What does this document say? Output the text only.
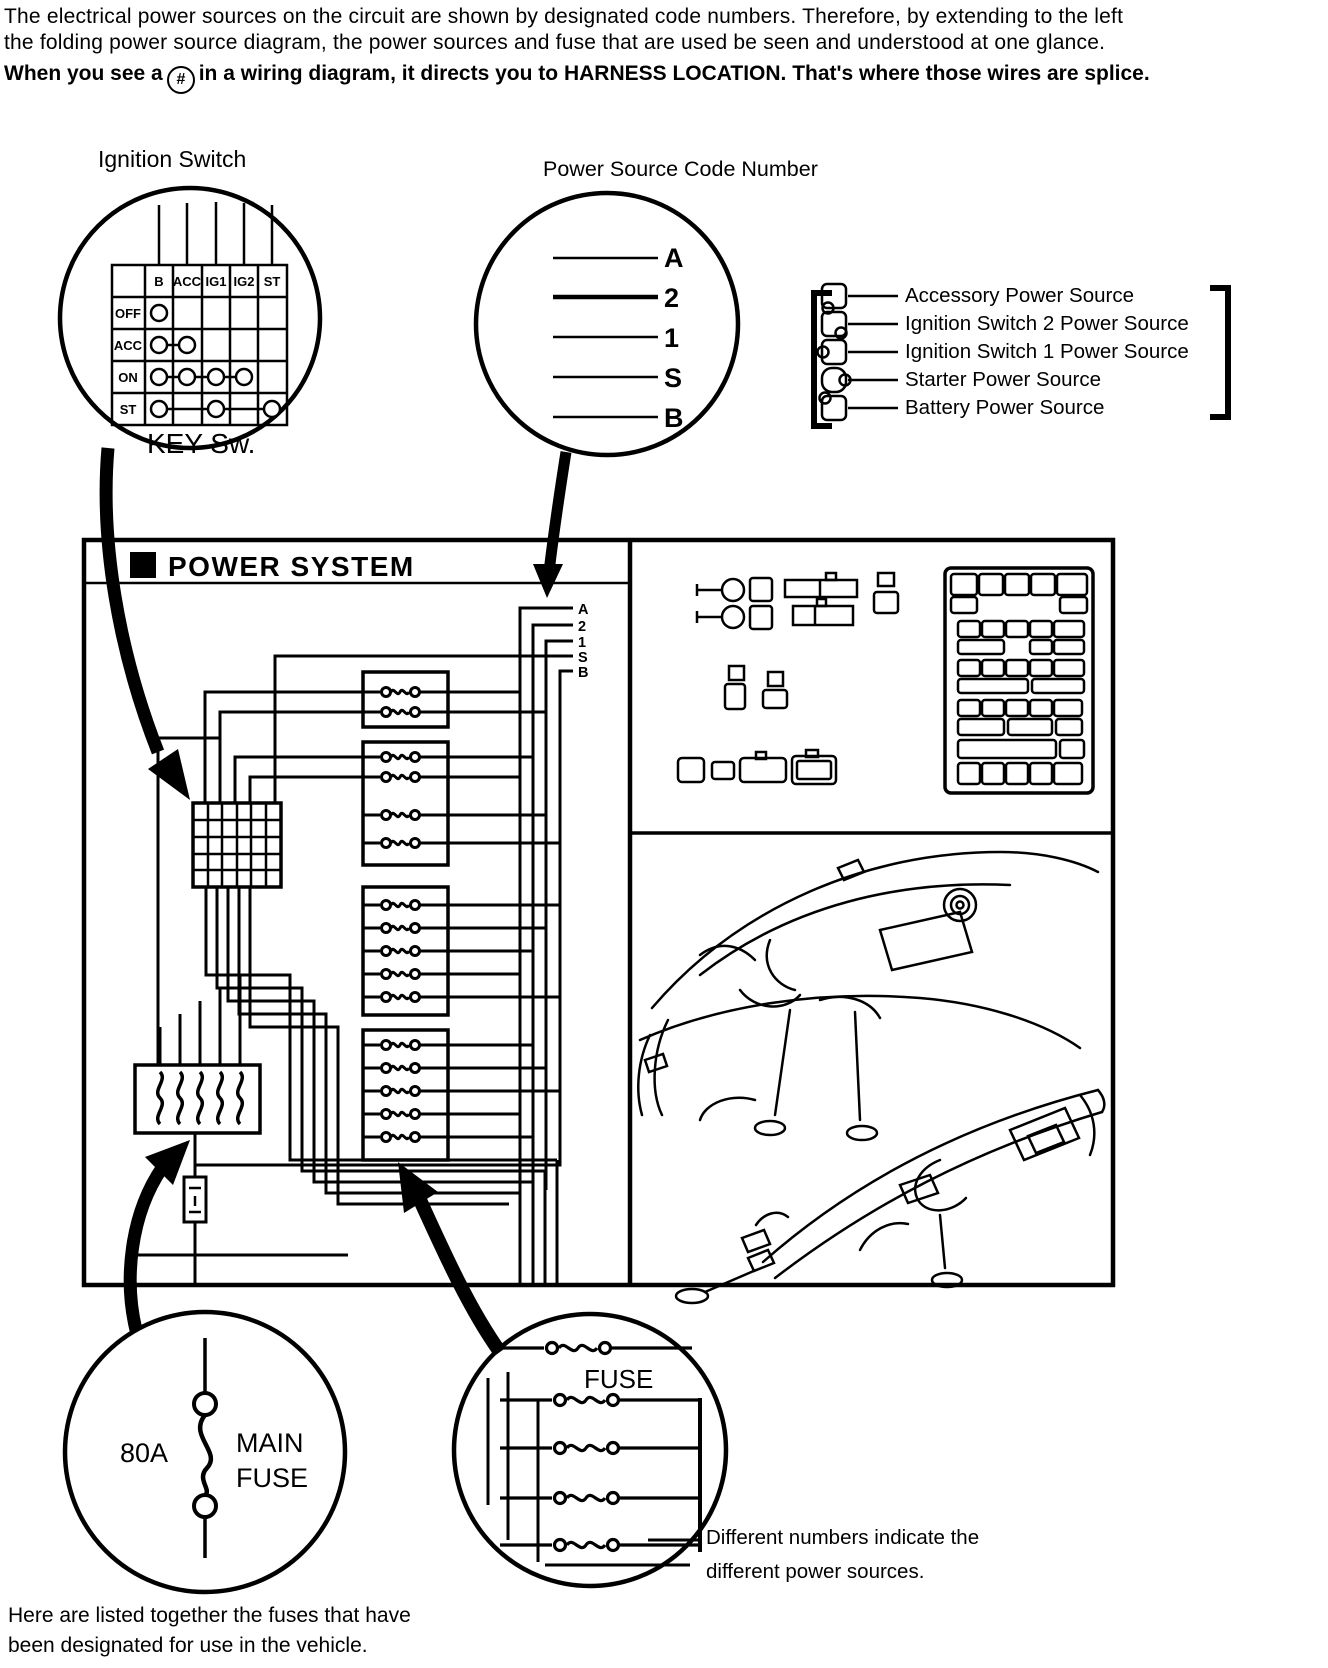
The electrical power sources on the circuit are shown by designated code numbers. Therefore, by extending to the left
the folding power source diagram, the power sources and fuse that are used be seen and understood at one glance.
When you see a # in a wiring diagram, it directs you to HARNESS LOCATION. That's where those wires are splice.
Ignition Switch	Power Source Code Number
Accessory Power Source
Ignition Switch 2 Power Source
Ignition Switch 1 Power Source
Starter Power Source
Battery Power Source
Different numbers indicate the
different power sources.
Here are listed together the fuses that have
been designated for use in the vehicle.
B ACC IG1 IG2 ST
OFF
ACC
ON
ST
KEY Sw.
A
2
1
S
B
POWER SYSTEM
A
2
1
S
B
80A	MAIN
FUSE
FUSE
